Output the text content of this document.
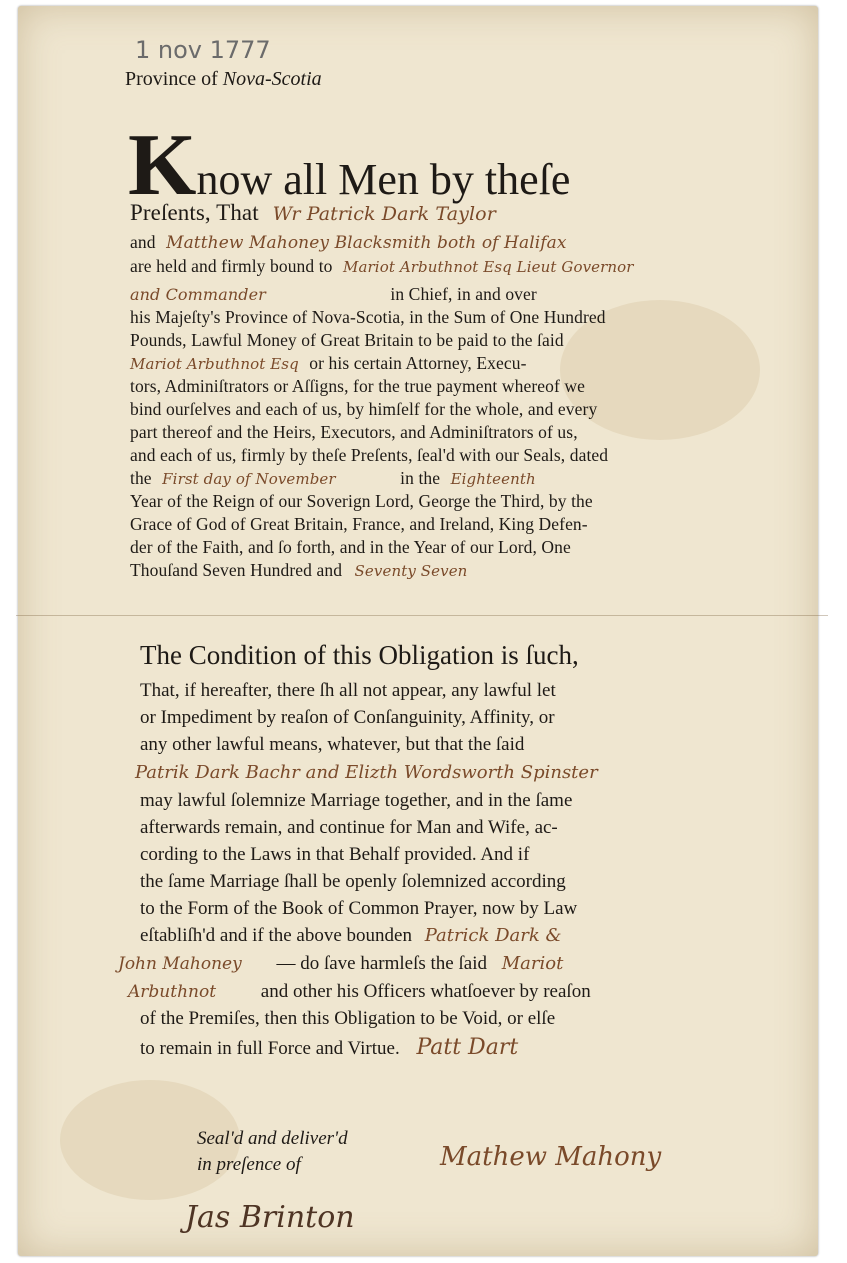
1 nov 1777
Province of Nova-Scotia
Know all Men by theſe
Preſents, That Wr Patrick Dark Taylor
and Matthew Mahoney Blacksmith both of Halifax
are held and firmly bound to Mariot Arbuthnot Esq Lieut Governor
and Commander	in Chief, in and over
his Majeſty's Province of Nova-Scotia, in the Sum of One Hundred
Pounds, Lawful Money of Great Britain to be paid to the ſaid
Mariot Arbuthnot Esq or his certain Attorney, Execu-
tors, Adminiſtrators or Aſſigns, for the true payment whereof we
bind ourſelves and each of us, by himſelf for the whole, and every
part thereof and the Heirs, Executors, and Adminiſtrators of us,
and each of us, firmly by theſe Preſents, ſeal'd with our Seals, dated
the First day of November	in the Eighteenth
Year of the Reign of our Soverign Lord, George the Third, by the
Grace of God of Great Britain, France, and Ireland, King Defen-
der of the Faith, and ſo forth, and in the Year of our Lord, One
Thouſand Seven Hundred and Seventy Seven
The Condition of this Obligation is ſuch,
That, if hereafter, there ſh all not appear, any lawful let
or Impediment by reaſon of Conſanguinity, Affinity, or
any other lawful means, whatever, but that the ſaid
Patrik Dark Bachr and Elizth Wordsworth Spinster
may lawful ſolemnize Marriage together, and in the ſame
afterwards remain, and continue for Man and Wife, ac-
cording to the Laws in that Behalf provided. And if
the ſame Marriage ſhall be openly ſolemnized according
to the Form of the Book of Common Prayer, now by Law
eſtabliſh'd and if the above bounden Patrick Dark &
John Mahoney — do ſave harmleſs the ſaid Mariot
Arbuthnot and other his Officers whatſoever by reaſon
of the Premiſes, then this Obligation to be Void, or elſe
to remain in full Force and Virtue. Patt Dart
Seal'd and deliver'd
in preſence of	Mathew Mahony
Jas Brinton
